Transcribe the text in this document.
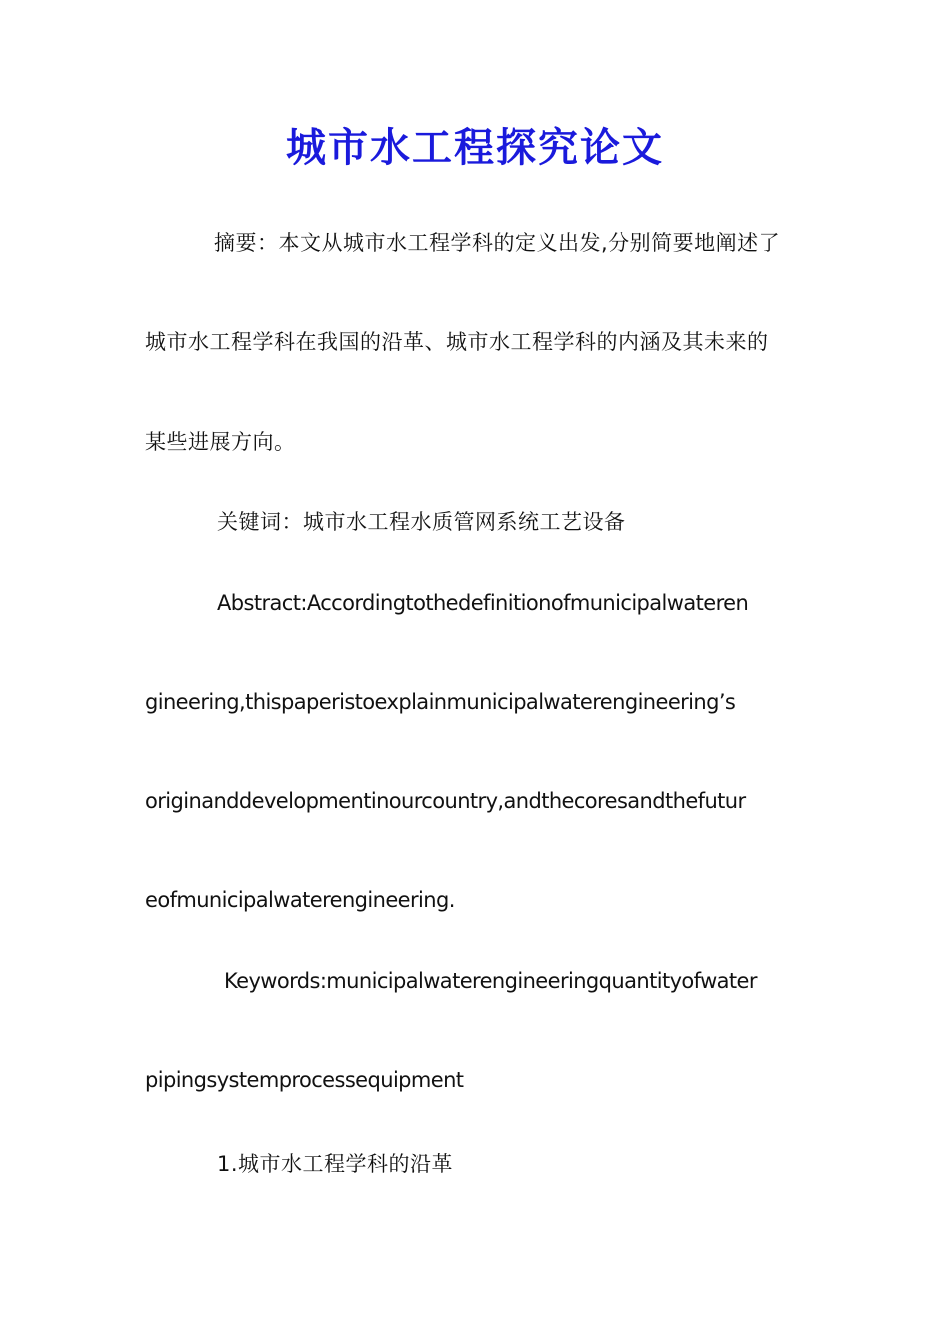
城市水工程探究论文
摘要：本文从城市水工程学科的定义出发,分别简要地阐述了
城市水工程学科在我国的沿革、城市水工程学科的内涵及其未来的
某些进展方向。
关键词：城市水工程水质管网系统工艺设备
Abstract:Accordingtothedefinitionofmunicipalwateren
gineering,thispaperistoexplainmunicipalwaterengineering’s
originanddevelopmentinourcountry,andthecoresandthefutur
eofmunicipalwaterengineering.
Keywords:municipalwaterengineeringquantityofwater
pipingsystemprocessequipment
1.城市水工程学科的沿革
